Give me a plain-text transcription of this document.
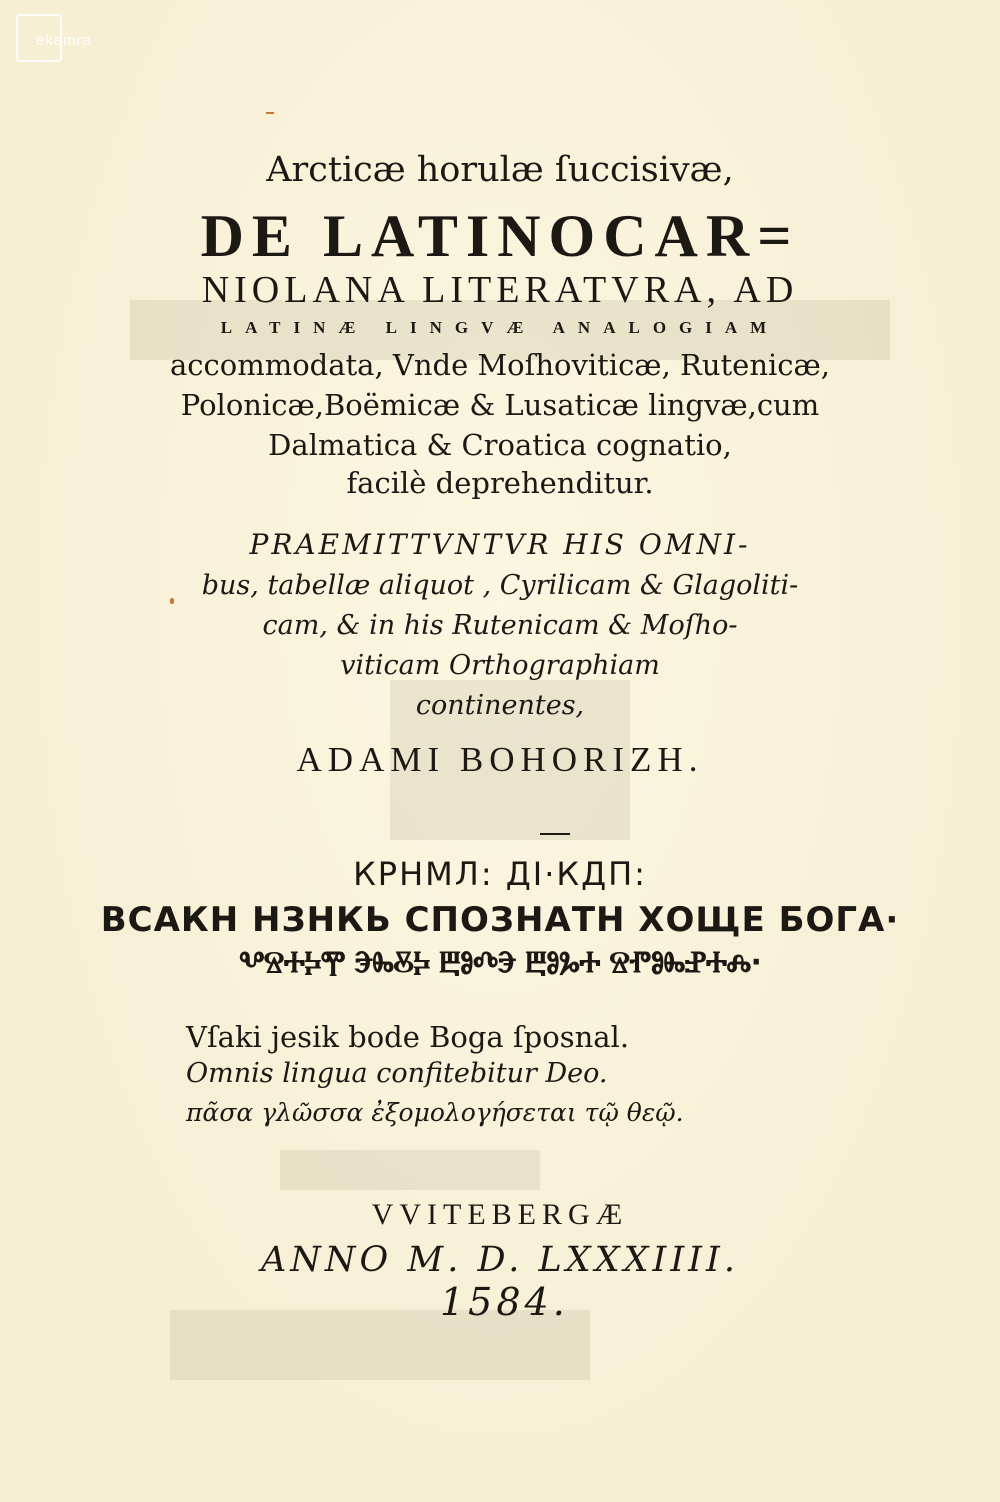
ekamra
Arcticæ horulæ ſuccisivæ,
DE LATINOCAR=
NIOLANA LITERATVRA, AD
LATINÆ LINGVÆ ANALOGIAM
accommodata, Vnde Moſhoviticæ, Rutenicæ,
Polonicæ,Boëmicæ & Lusaticæ lingvæ,cum
Dalmatica & Croatica cognatio,
facilè deprehenditur.
PRAEMITTVNTVR HIS OMNI-
bus, tabellæ aliquot , Cyrilicam & Glagoliti-
cam, & in his Rutenicam & Moſho-
viticam Orthographiam
continentes,
ADAMI BOHORIZH.
КРНМЛ: ДІ·КДП:
ВСАКН НЗНКЬ СПОЗНАТН ХОЩЕ БОГА·
ⰂⰔⰀⰍⰉ ⰅⰈⰋⰍ ⰁⰑⰄⰅ ⰁⰑⰃⰀ ⰔⰒⰑⰈⰐⰀⰎ·
Vſaki jesik bode Boga ſposnal.
Omnis lingua confitebitur Deo.
πᾶσα γλῶσσα ἐξομολογήσεται τῷ θεῷ.
VVITEBERGÆ
ANNO M. D. LXXXIIII.
1584.
